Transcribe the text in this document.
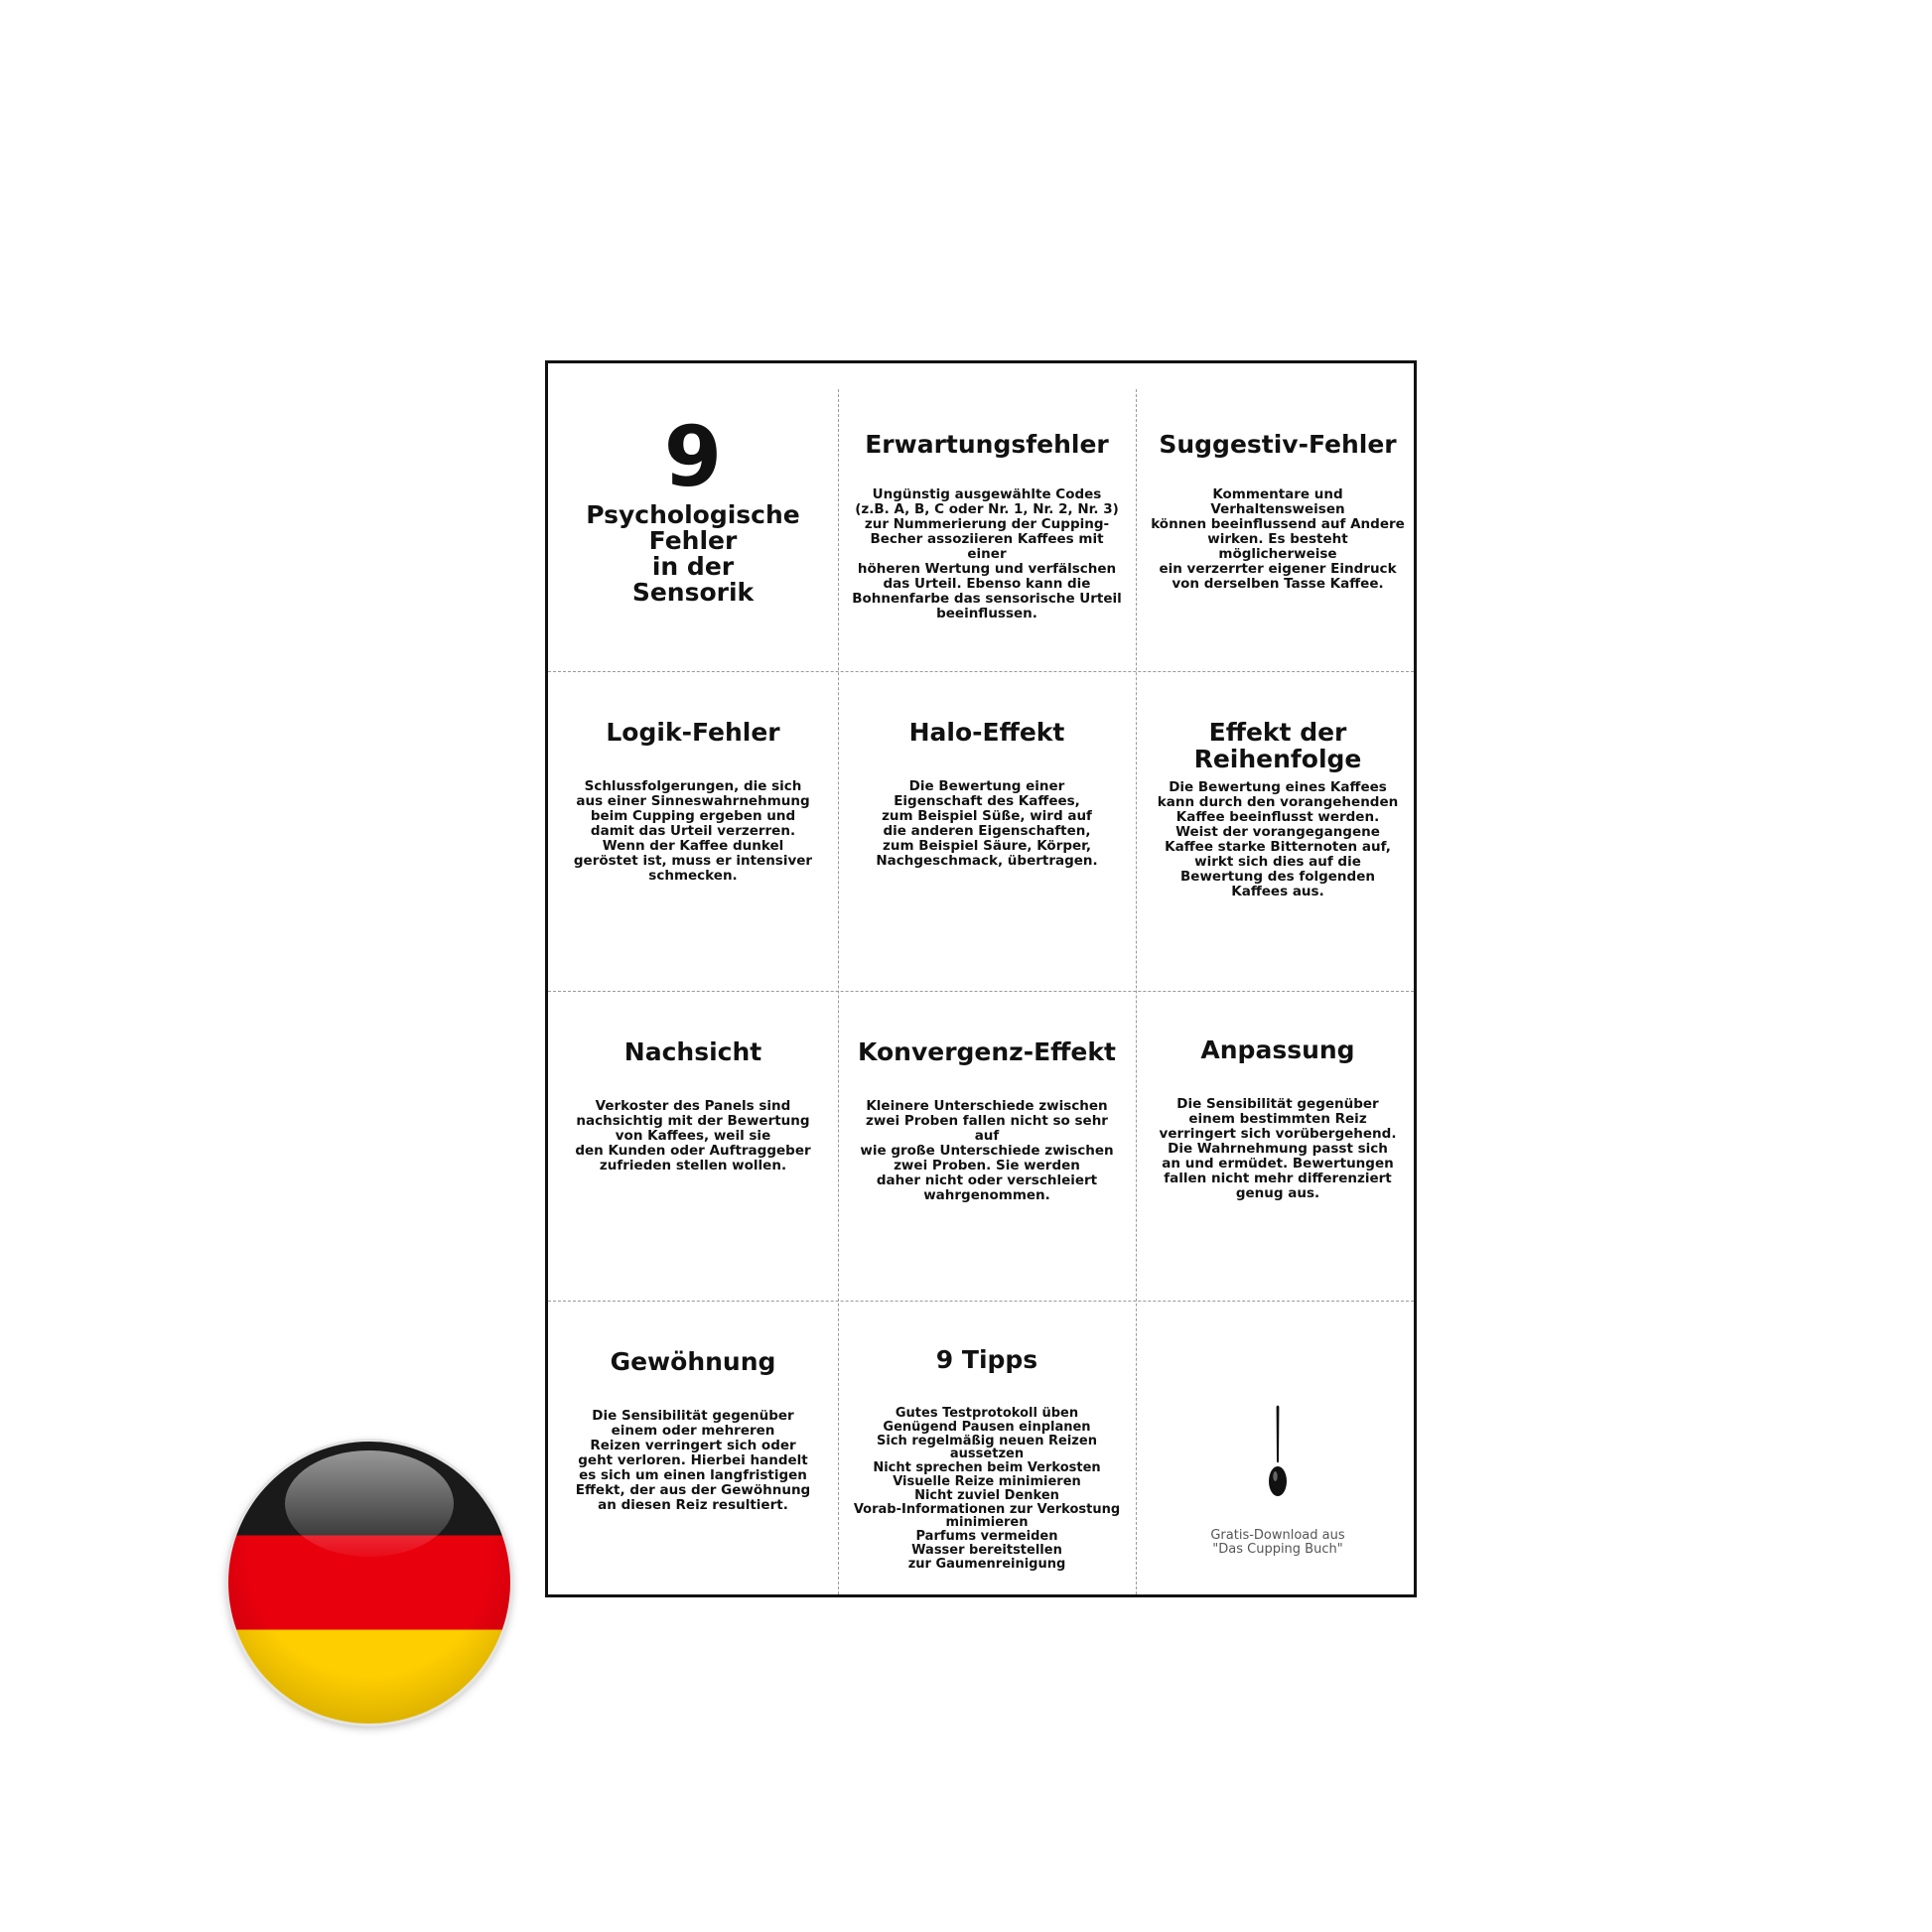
9

Psychologische
Fehler
in der
Sensorik

Erwartungsfehler

Ungünstig ausgewählte Codes
(z.B. A, B, C oder Nr. 1, Nr. 2, Nr. 3)
zur Nummerierung der Cupping-
Becher assoziieren Kaffees mit einer
höheren Wertung und verfälschen
das Urteil. Ebenso kann die
Bohnenfarbe das sensorische Urteil
beeinflussen.

Suggestiv-Fehler

Kommentare und Verhaltensweisen
können beeinflussend auf Andere
wirken. Es besteht möglicherweise
ein verzerrter eigener Eindruck
von derselben Tasse Kaffee.

Logik-Fehler

Schlussfolgerungen, die sich
aus einer Sinneswahrnehmung
beim Cupping ergeben und
damit das Urteil verzerren.
Wenn der Kaffee dunkel
geröstet ist, muss er intensiver
schmecken.

Halo-Effekt

Die Bewertung einer
Eigenschaft des Kaffees,
zum Beispiel Süße, wird auf
die anderen Eigenschaften,
zum Beispiel Säure, Körper,
Nachgeschmack, übertragen.

Effekt der
Reihenfolge

Die Bewertung eines Kaffees
kann durch den vorangehenden
Kaffee beeinflusst werden.
Weist der vorangegangene
Kaffee starke Bitternoten auf,
wirkt sich dies auf die
Bewertung des folgenden
Kaffees aus.

Nachsicht

Verkoster des Panels sind
nachsichtig mit der Bewertung
von Kaffees, weil sie
den Kunden oder Auftraggeber
zufrieden stellen wollen.

Konvergenz-Effekt

Kleinere Unterschiede zwischen
zwei Proben fallen nicht so sehr auf
wie große Unterschiede zwischen
zwei Proben. Sie werden
daher nicht oder verschleiert
wahrgenommen.

Anpassung

Die Sensibilität gegenüber
einem bestimmten Reiz
verringert sich vorübergehend.
Die Wahrnehmung passt sich
an und ermüdet. Bewertungen
fallen nicht mehr differenziert
genug aus.

Gewöhnung

Die Sensibilität gegenüber
einem oder mehreren
Reizen verringert sich oder
geht verloren. Hierbei handelt
es sich um einen langfristigen
Effekt, der aus der Gewöhnung
an diesen Reiz resultiert.

9 Tipps

Gutes Testprotokoll üben
Genügend Pausen einplanen
Sich regelmäßig neuen Reizen aussetzen
Nicht sprechen beim Verkosten
Visuelle Reize minimieren
Nicht zuviel Denken
Vorab-Informationen zur Verkostung
minimieren
Parfums vermeiden
Wasser bereitstellen
zur Gaumenreinigung

Gratis-Download aus
"Das Cupping Buch"
